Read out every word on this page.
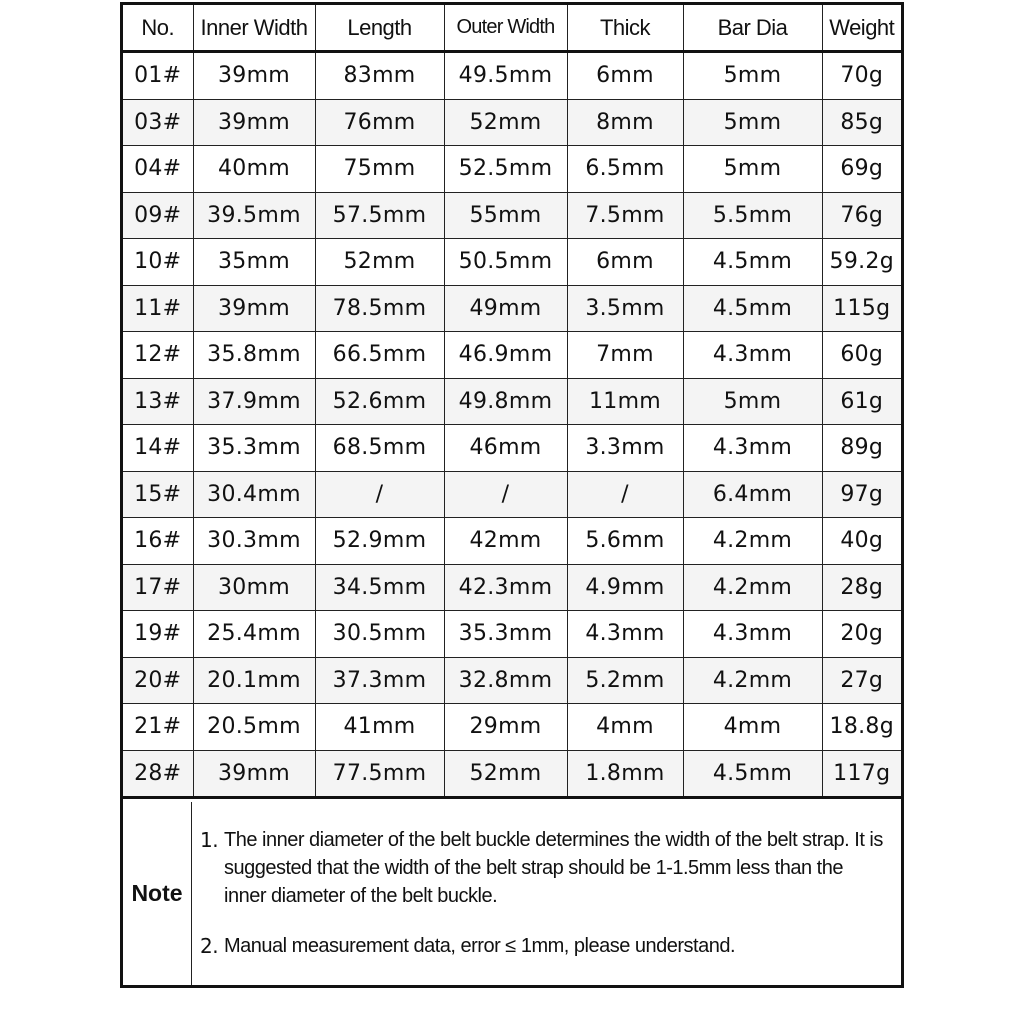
No.	Inner Width	Length	Outer Width	Thick	Bar Dia	Weight
01#	39mm	83mm	49.5mm	6mm	5mm	70g
03#	39mm	76mm	52mm	8mm	5mm	85g
04#	40mm	75mm	52.5mm	6.5mm	5mm	69g
09#	39.5mm	57.5mm	55mm	7.5mm	5.5mm	76g
10#	35mm	52mm	50.5mm	6mm	4.5mm	59.2g
11#	39mm	78.5mm	49mm	3.5mm	4.5mm	115g
12#	35.8mm	66.5mm	46.9mm	7mm	4.3mm	60g
13#	37.9mm	52.6mm	49.8mm	11mm	5mm	61g
14#	35.3mm	68.5mm	46mm	3.3mm	4.3mm	89g
15#	30.4mm	/	/	/	6.4mm	97g
16#	30.3mm	52.9mm	42mm	5.6mm	4.2mm	40g
17#	30mm	34.5mm	42.3mm	4.9mm	4.2mm	28g
19#	25.4mm	30.5mm	35.3mm	4.3mm	4.3mm	20g
20#	20.1mm	37.3mm	32.8mm	5.2mm	4.2mm	27g
21#	20.5mm	41mm	29mm	4mm	4mm	18.8g
28#	39mm	77.5mm	52mm	1.8mm	4.5mm	117g
Note
1. The inner diameter of the belt buckle determines the width of the belt strap. It is suggested that the width of the belt strap should be 1-1.5mm less than the inner diameter of the belt buckle.
2. Manual measurement data, error ≤ 1mm, please understand.
